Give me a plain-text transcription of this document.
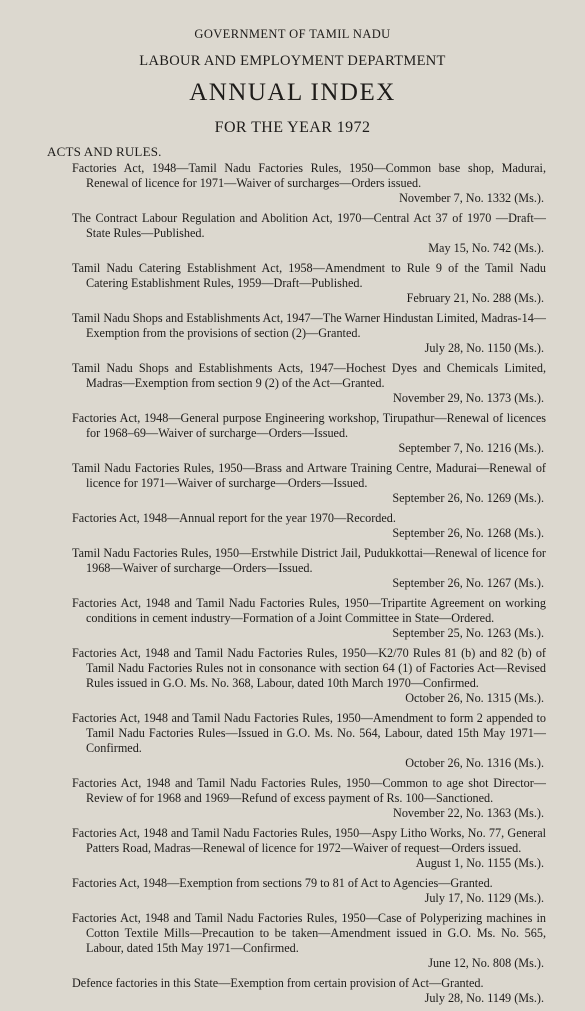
GOVERNMENT OF TAMIL NADU
LABOUR AND EMPLOYMENT DEPARTMENT
ANNUAL INDEX
FOR THE YEAR 1972
ACTS AND RULES.
Factories Act, 1948—Tamil Nadu Factories Rules, 1950—Common base shop, Madurai, Renewal of licence for 1971—Waiver of surcharges—Orders issued.
November 7, No. 1332 (Ms.).
The Contract Labour Regulation and Abolition Act, 1970—Central Act 37 of 1970 —Draft—State Rules—Published.
May 15, No. 742 (Ms.).
Tamil Nadu Catering Establishment Act, 1958—Amendment to Rule 9 of the Tamil Nadu Catering Establishment Rules, 1959—Draft—Published.
February 21, No. 288 (Ms.).
Tamil Nadu Shops and Establishments Act, 1947—The Warner Hindustan Limited, Madras-14—Exemption from the provisions of section (2)—Granted.
July 28, No. 1150 (Ms.).
Tamil Nadu Shops and Establishments Acts, 1947—Hochest Dyes and Chemicals Limited, Madras—Exemption from section 9 (2) of the Act—Granted.
November 29, No. 1373 (Ms.).
Factories Act, 1948—General purpose Engineering workshop, Tirupathur—Renewal of licences for 1968–69—Waiver of surcharge—Orders—Issued.
September 7, No. 1216 (Ms.).
Tamil Nadu Factories Rules, 1950—Brass and Artware Training Centre, Madurai—Renewal of licence for 1971—Waiver of surcharge—Orders—Issued.
September 26, No. 1269 (Ms.).
Factories Act, 1948—Annual report for the year 1970—Recorded.
September 26, No. 1268 (Ms.).
Tamil Nadu Factories Rules, 1950—Erstwhile District Jail, Pudukkottai—Renewal of licence for 1968—Waiver of surcharge—Orders—Issued.
September 26, No. 1267 (Ms.).
Factories Act, 1948 and Tamil Nadu Factories Rules, 1950—Tripartite Agreement on working conditions in cement industry—Formation of a Joint Committee in State—Ordered.
September 25, No. 1263 (Ms.).
Factories Act, 1948 and Tamil Nadu Factories Rules, 1950—K2/70 Rules 81 (b) and 82 (b) of Tamil Nadu Factories Rules not in consonance with section 64 (1) of Factories Act—Revised Rules issued in G.O. Ms. No. 368, Labour, dated 10th March 1970—Confirmed.
October 26, No. 1315 (Ms.).
Factories Act, 1948 and Tamil Nadu Factories Rules, 1950—Amendment to form 2 appended to Tamil Nadu Factories Rules—Issued in G.O. Ms. No. 564, Labour, dated 15th May 1971—Confirmed.
October 26, No. 1316 (Ms.).
Factories Act, 1948 and Tamil Nadu Factories Rules, 1950—Common to age shot Director—Review of for 1968 and 1969—Refund of excess payment of Rs. 100—Sanctioned.
November 22, No. 1363 (Ms.).
Factories Act, 1948 and Tamil Nadu Factories Rules, 1950—Aspy Litho Works, No. 77, General Patters Road, Madras—Renewal of licence for 1972—Waiver of request—Orders issued.
August 1, No. 1155 (Ms.).
Factories Act, 1948—Exemption from sections 79 to 81 of Act to Agencies—Granted.
July 17, No. 1129 (Ms.).
Factories Act, 1948 and Tamil Nadu Factories Rules, 1950—Case of Polyperizing machines in Cotton Textile Mills—Precaution to be taken—Amendment issued in G.O. Ms. No. 565, Labour, dated 15th May 1971—Confirmed.
June 12, No. 808 (Ms.).
Defence factories in this State—Exemption from certain provision of Act—Granted.
July 28, No. 1149 (Ms.).
